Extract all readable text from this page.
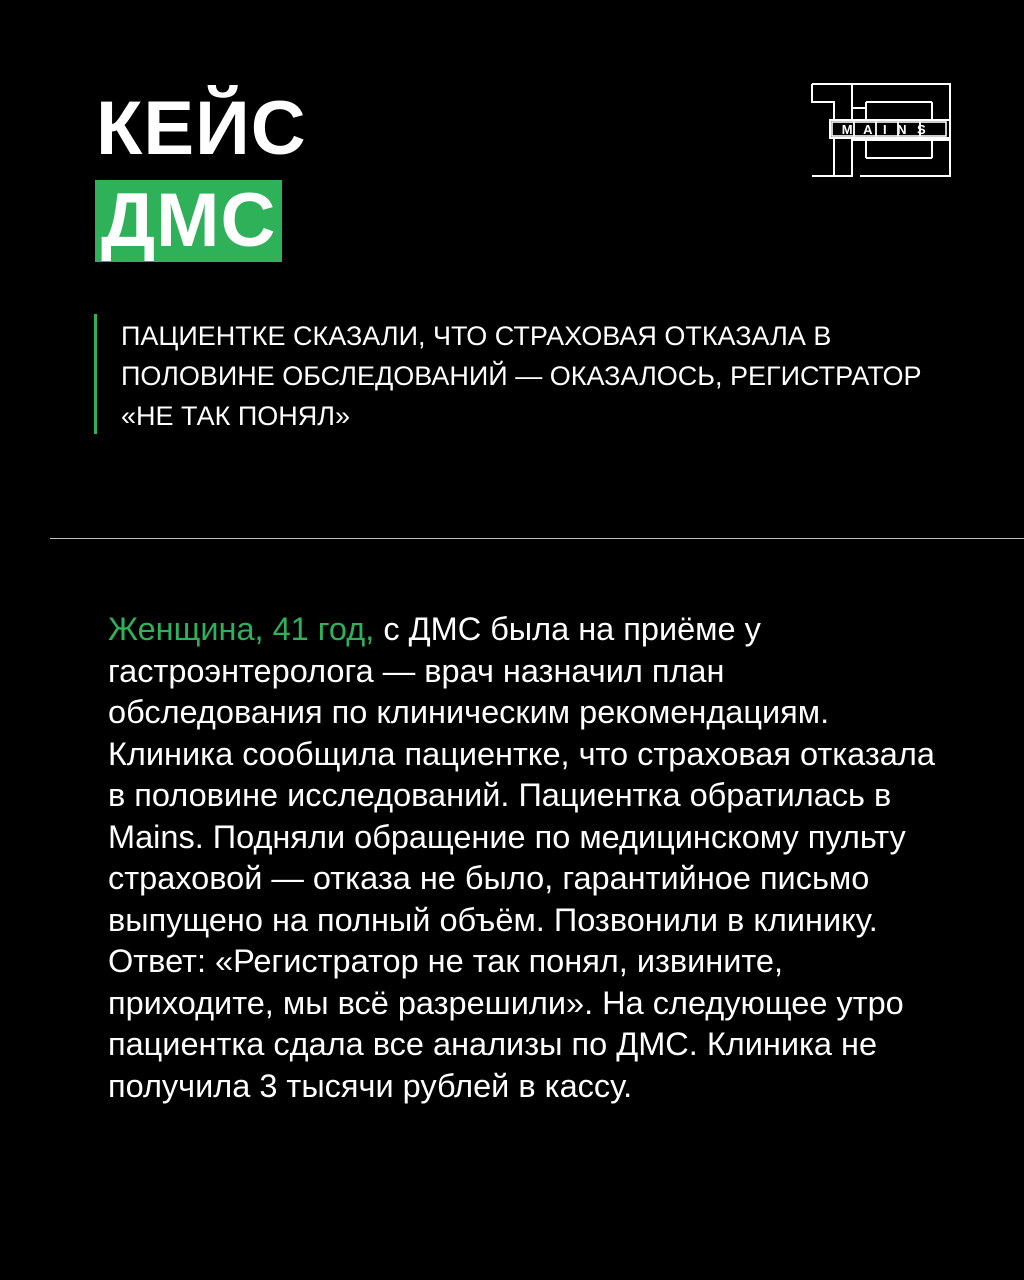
КЕЙС
ДМС
MAINS
ПАЦИЕНТКЕ СКАЗАЛИ, ЧТО СТРАХОВАЯ ОТКАЗАЛА В ПОЛОВИНЕ ОБСЛЕДОВАНИЙ — ОКАЗАЛОСЬ, РЕГИСТРАТОР «НЕ ТАК ПОНЯЛ»
Женщина, 41 год, с ДМС была на приёме у гастроэнтеролога — врач назначил план обследования по клиническим рекомендациям. Клиника сообщила пациентке, что страховая отказала в половине исследований. Пациентка обратилась в Mains. Подняли обращение по медицинскому пульту страховой — отказа не было, гарантийное письмо выпущено на полный объём. Позвонили в клинику. Ответ: «Регистратор не так понял, извините, приходите, мы всё разрешили». На следующее утро пациентка сдала все анализы по ДМС. Клиника не получила 3 тысячи рублей в кассу.
